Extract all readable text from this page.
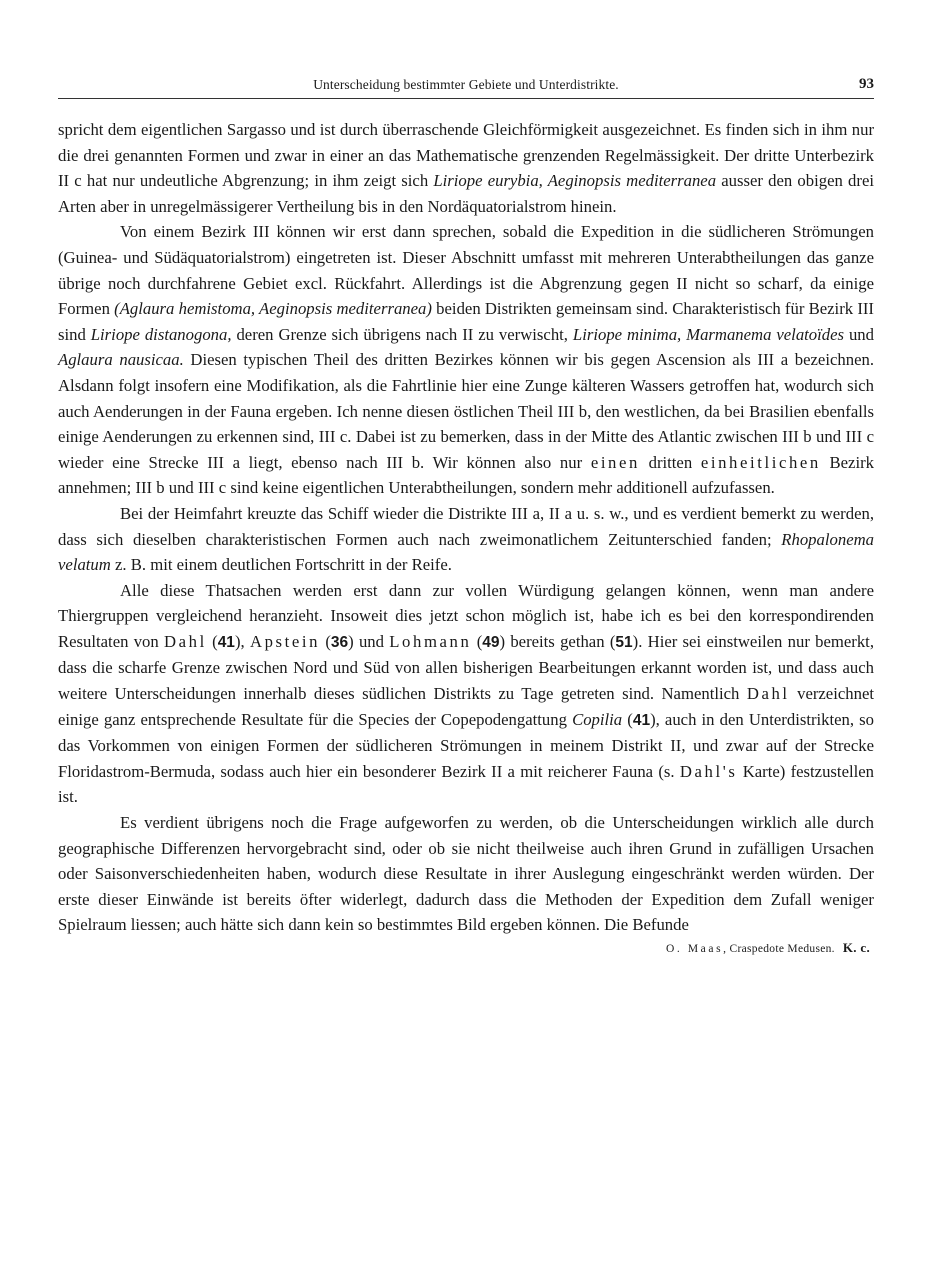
Unterscheidung bestimmter Gebiete und Unterdistrikte.	93

spricht dem eigentlichen Sargasso und ist durch überraschende Gleichförmigkeit ausgezeichnet. Es finden sich in ihm nur die drei genannten Formen und zwar in einer an das Mathematische grenzenden Regelmässigkeit. Der dritte Unterbezirk II c hat nur undeutliche Abgrenzung; in ihm zeigt sich Liriope eurybia, Aeginopsis mediterranea ausser den obigen drei Arten aber in unregelmässigerer Vertheilung bis in den Nordäquatorialstrom hinein.

Von einem Bezirk III können wir erst dann sprechen, sobald die Expedition in die südlicheren Strömungen (Guinea- und Südäquatorialstrom) eingetreten ist. Dieser Abschnitt umfasst mit mehreren Unterabtheilungen das ganze übrige noch durchfahrene Gebiet excl. Rückfahrt. Allerdings ist die Abgrenzung gegen II nicht so scharf, da einige Formen (Aglaura hemistoma, Aeginopsis mediterranea) beiden Distrikten gemeinsam sind. Charakteristisch für Bezirk III sind Liriope distanogona, deren Grenze sich übrigens nach II zu verwischt, Liriope minima, Marmanema velatoïdes und Aglaura nausicaa. Diesen typischen Theil des dritten Bezirkes können wir bis gegen Ascension als III a bezeichnen. Alsdann folgt insofern eine Modifikation, als die Fahrtlinie hier eine Zunge kälteren Wassers getroffen hat, wodurch sich auch Aenderungen in der Fauna ergeben. Ich nenne diesen östlichen Theil III b, den westlichen, da bei Brasilien ebenfalls einige Aenderungen zu erkennen sind, III c. Dabei ist zu bemerken, dass in der Mitte des Atlantic zwischen III b und III c wieder eine Strecke III a liegt, ebenso nach III b. Wir können also nur einen dritten einheitlichen Bezirk annehmen; III b und III c sind keine eigentlichen Unterabtheilungen, sondern mehr additionell aufzufassen.

Bei der Heimfahrt kreuzte das Schiff wieder die Distrikte III a, II a u. s. w., und es verdient bemerkt zu werden, dass sich dieselben charakteristischen Formen auch nach zweimonatlichem Zeitunterschied fanden; Rhopalonema velatum z. B. mit einem deutlichen Fortschritt in der Reife.

Alle diese Thatsachen werden erst dann zur vollen Würdigung gelangen können, wenn man andere Thiergruppen vergleichend heranzieht. Insoweit dies jetzt schon möglich ist, habe ich es bei den korrespondirenden Resultaten von Dahl (41), Apstein (36) und Lohmann (49) bereits gethan (51). Hier sei einstweilen nur bemerkt, dass die scharfe Grenze zwischen Nord und Süd von allen bisherigen Bearbeitungen erkannt worden ist, und dass auch weitere Unterscheidungen innerhalb dieses südlichen Distrikts zu Tage getreten sind. Namentlich Dahl verzeichnet einige ganz entsprechende Resultate für die Species der Copepodengattung Copilia (41), auch in den Unterdistrikten, so das Vorkommen von einigen Formen der südlicheren Strömungen in meinem Distrikt II, und zwar auf der Strecke Floridastrom-Bermuda, sodass auch hier ein besonderer Bezirk II a mit reicherer Fauna (s. Dahl's Karte) festzustellen ist.

Es verdient übrigens noch die Frage aufgeworfen zu werden, ob die Unterscheidungen wirklich alle durch geographische Differenzen hervorgebracht sind, oder ob sie nicht theilweise auch ihren Grund in zufälligen Ursachen oder Saisonverschiedenheiten haben, wodurch diese Resultate in ihrer Auslegung eingeschränkt werden würden. Der erste dieser Einwände ist bereits öfter widerlegt, dadurch dass die Methoden der Expedition dem Zufall weniger Spielraum liessen; auch hätte sich dann kein so bestimmtes Bild ergeben können. Die Befunde

O. Maas, Craspedote Medusen. K. c.
